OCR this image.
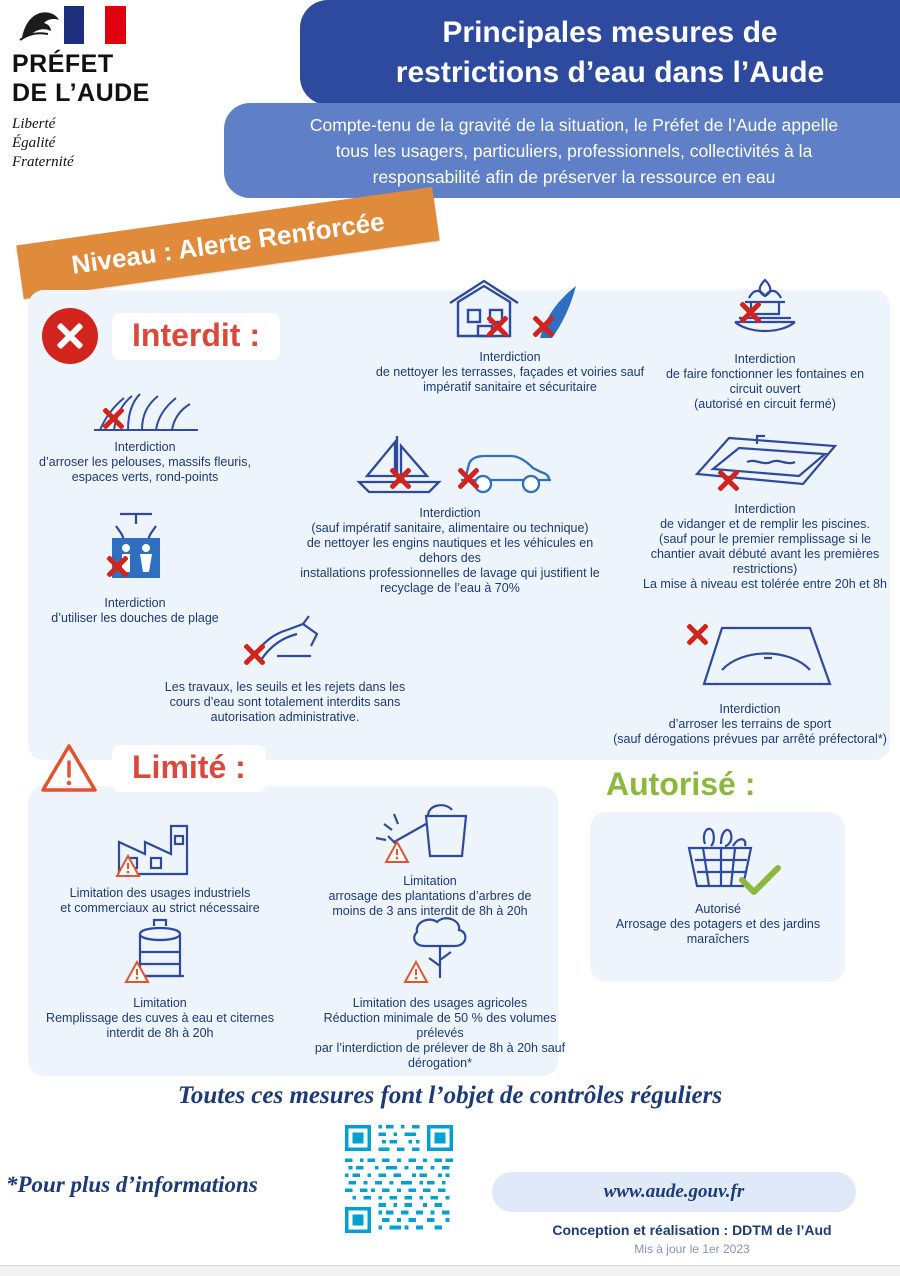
PRÉFET
DE L’AUDE
Liberté
Égalité
Fraternité
Principales mesures de
restrictions d’eau dans l’Aude
Compte-tenu de la gravité de la situation, le Préfet de l’Aude appelle
tous les usagers, particuliers, professionnels, collectivités à la
responsabilité afin de préserver la ressource en eau
Niveau : Alerte Renforcée
Interdit :
Interdiction
de nettoyer les terrasses, façades et voiries sauf
impératif sanitaire et sécuritaire
Interdiction
de faire fonctionner les fontaines en
circuit ouvert
(autorisé en circuit fermé)
Interdiction
d’arroser les pelouses, massifs fleuris,
espaces verts, rond-points
Interdiction
(sauf impératif sanitaire, alimentaire ou technique)
de nettoyer les engins nautiques et les véhicules en
dehors des
installations professionnelles de lavage qui justifient le
recyclage de l’eau à 70%
Interdiction
de vidanger et de remplir les piscines.
(sauf pour le premier remplissage si le
chantier avait débuté avant les premières
restrictions)
La mise à niveau est tolérée entre 20h et 8h
Interdiction
d’utiliser les douches de plage
Les travaux, les seuils et les rejets dans les
cours d’eau sont totalement interdits sans
autorisation administrative.
Interdiction
d’arroser les terrains de sport
(sauf dérogations prévues par arrêté préfectoral*)
Limité :
Limitation des usages industriels
et commerciaux au strict nécessaire
Limitation
arrosage des plantations d’arbres de
moins de 3 ans interdit de 8h à 20h
Limitation
Remplissage des cuves à eau et citernes
interdit de 8h à 20h
Limitation des usages agricoles
Réduction minimale de 50 % des volumes prélevés
par l’interdiction de prélever de 8h à 20h sauf
dérogation*
Autorisé :
Autorisé
Arrosage des potagers et des jardins
maraîchers
Toutes ces mesures font l’objet de contrôles réguliers
*Pour plus d’informations	www.aude.gouv.fr
Conception et réalisation : DDTM de l’Aud
Mis à jour le 1er 2023
